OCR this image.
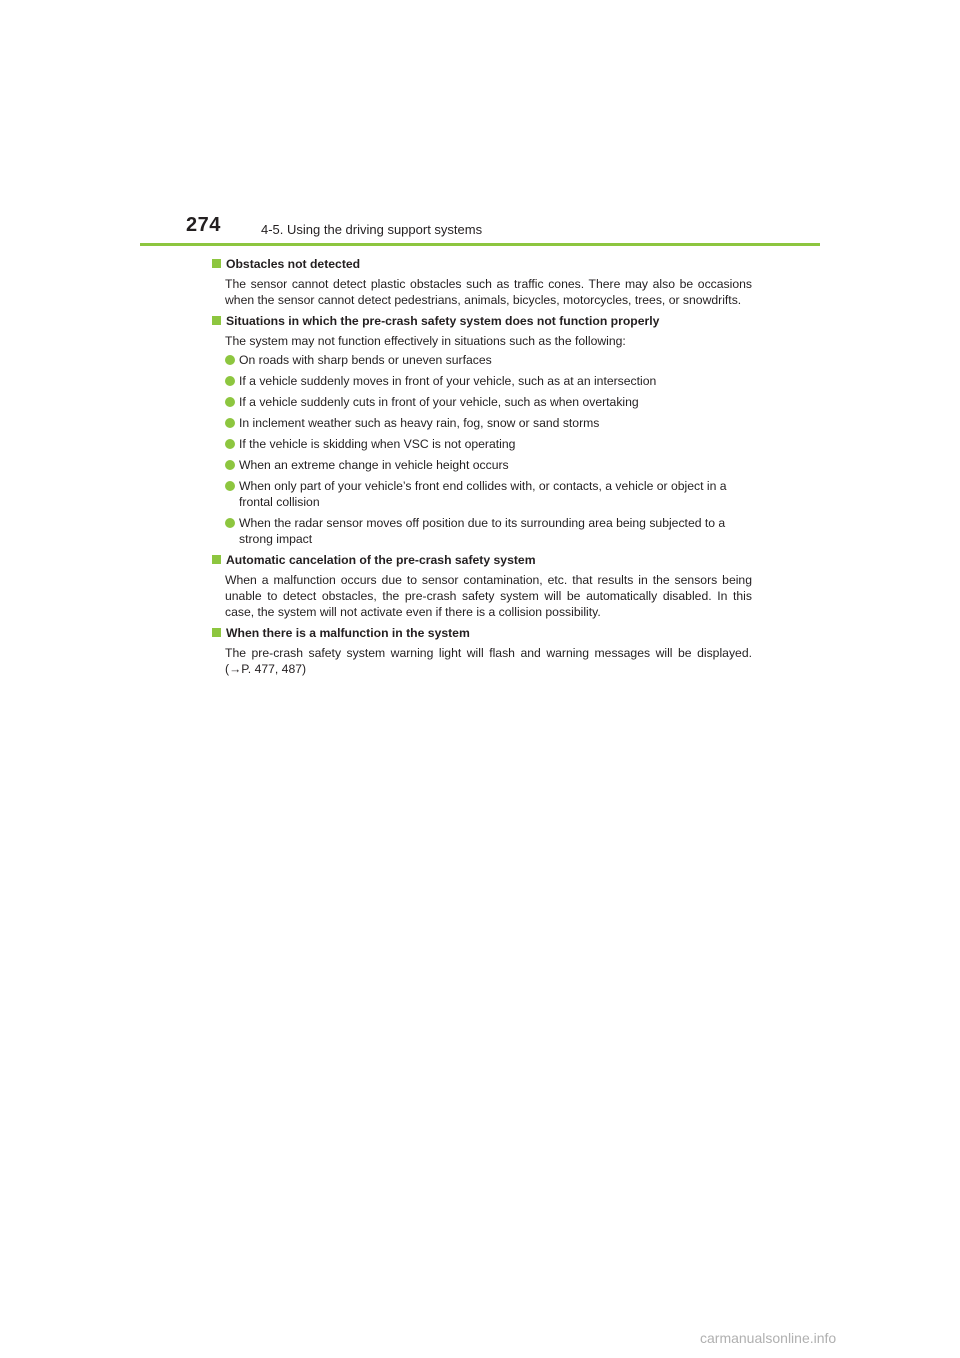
274	4-5. Using the driving support systems
Obstacles not detected
The sensor cannot detect plastic obstacles such as traffic cones. There may also be occasions when the sensor cannot detect pedestrians, animals, bicycles, motorcycles, trees, or snowdrifts.
Situations in which the pre-crash safety system does not function properly
The system may not function effectively in situations such as the following:
On roads with sharp bends or uneven surfaces
If a vehicle suddenly moves in front of your vehicle, such as at an intersection
If a vehicle suddenly cuts in front of your vehicle, such as when overtaking
In inclement weather such as heavy rain, fog, snow or sand storms
If the vehicle is skidding when VSC is not operating
When an extreme change in vehicle height occurs
When only part of your vehicle’s front end collides with, or contacts, a vehicle or object in a frontal collision
When the radar sensor moves off position due to its surrounding area being subjected to a strong impact
Automatic cancelation of the pre-crash safety system
When a malfunction occurs due to sensor contamination, etc. that results in the sensors being unable to detect obstacles, the pre-crash safety system will be automatically disabled. In this case, the system will not activate even if there is a collision possibility.
When there is a malfunction in the system
The pre-crash safety system warning light will flash and warning messages will be displayed. (→P. 477, 487)
carmanualsonline.info
